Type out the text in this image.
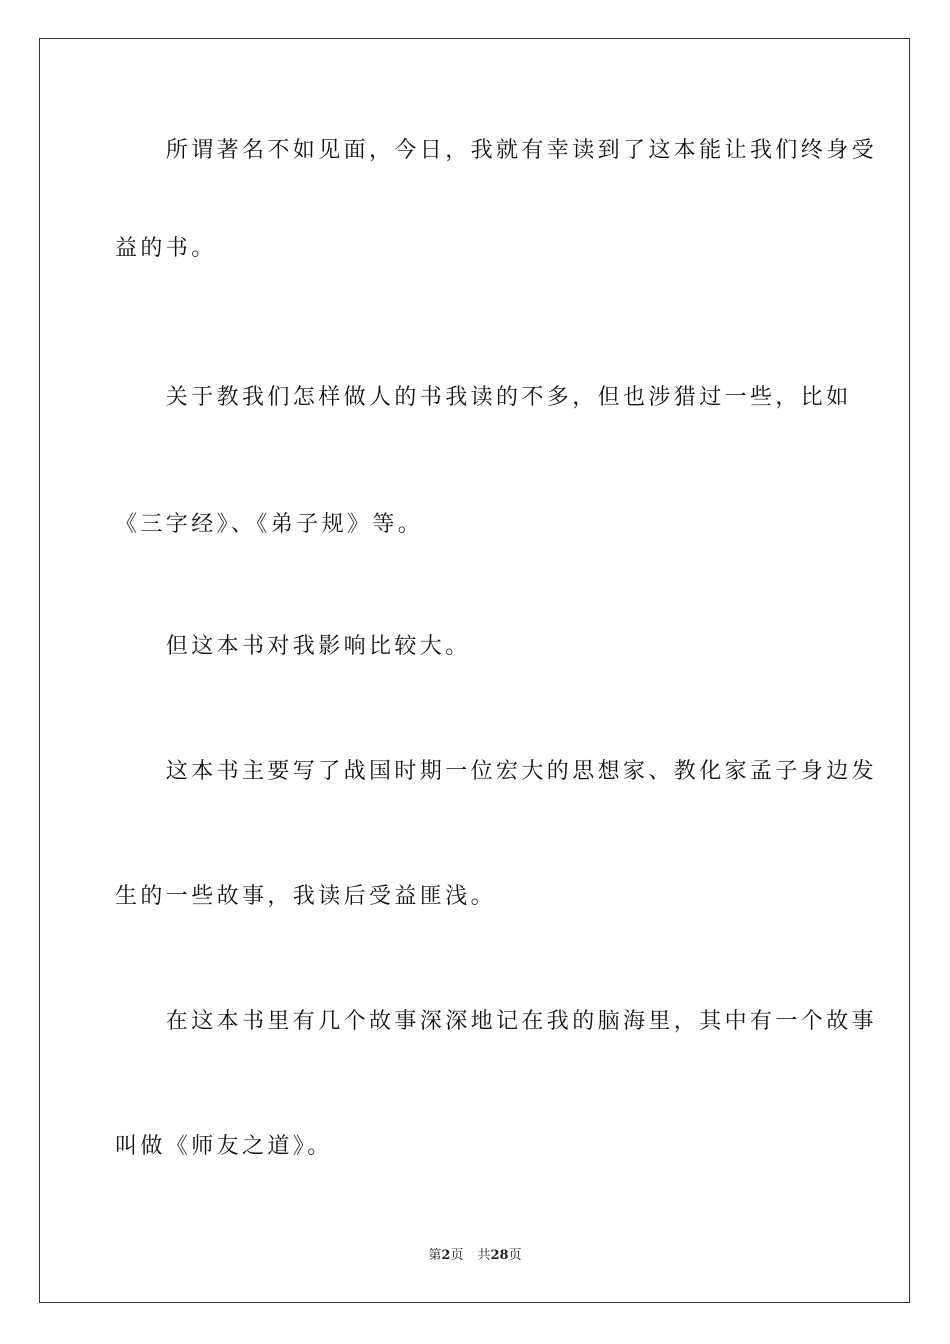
　　所谓著名不如见面，今日，我就有幸读到了这本能让我们终身受
益的书。
　　关于教我们怎样做人的书我读的不多，但也涉猎过一些，比如
《三字经》、《弟子规》等。
　　但这本书对我影响比较大。
　　这本书主要写了战国时期一位宏大的思想家、教化家孟子身边发
生的一些故事，我读后受益匪浅。
　　在这本书里有几个故事深深地记在我的脑海里，其中有一个故事
叫做《师友之道》。
第2页 共28页
